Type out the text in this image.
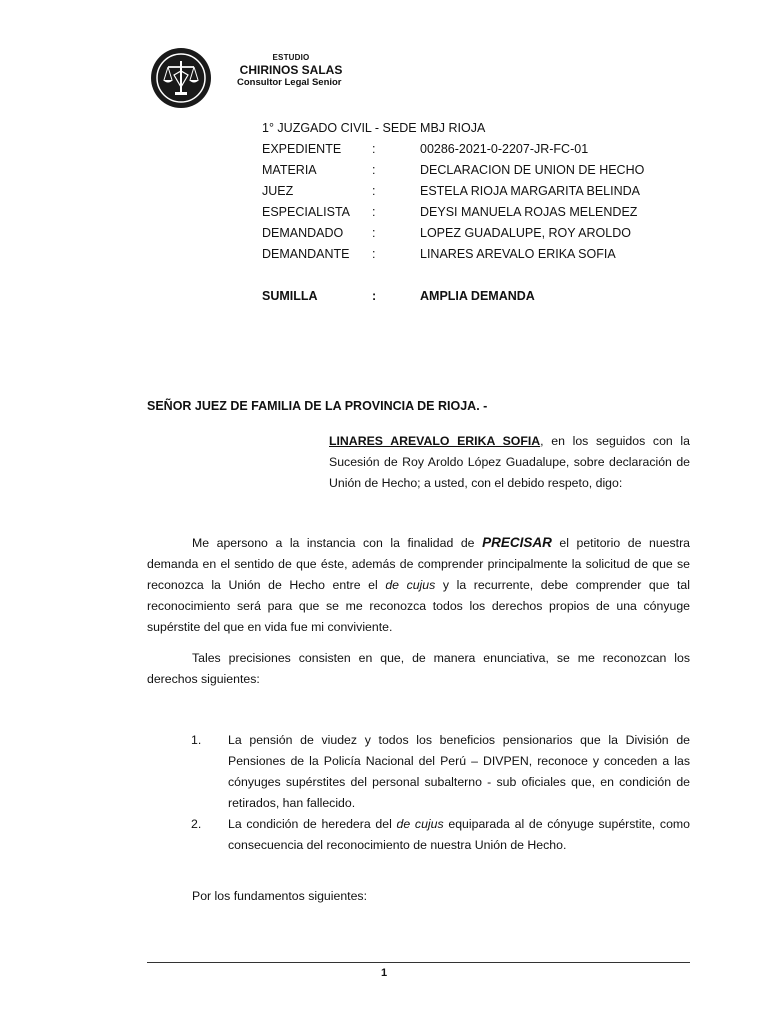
ESTUDIO
CHIRINOS SALAS
Consultor Legal Senior
1° JUZGADO CIVIL - SEDE MBJ RIOJA
EXPEDIENTE :	00286-2021-0-2207-JR-FC-01
MATERIA	:	DECLARACION DE UNION DE HECHO
JUEZ	:	ESTELA RIOJA MARGARITA BELINDA
ESPECIALISTA :	DEYSI MANUELA ROJAS MELENDEZ
DEMANDADO :	LOPEZ GUADALUPE, ROY AROLDO
DEMANDANTE :	LINARES AREVALO ERIKA SOFIA
SUMILLA	:	AMPLIA DEMANDA
SEÑOR JUEZ DE FAMILIA DE LA PROVINCIA DE RIOJA. -
LINARES AREVALO ERIKA SOFIA, en los seguidos con la Sucesión de Roy Aroldo López Guadalupe, sobre declaración de Unión de Hecho; a usted, con el debido respeto, digo:
Me apersono a la instancia con la finalidad de PRECISAR el petitorio de nuestra demanda en el sentido de que éste, además de comprender principalmente la solicitud de que se reconozca la Unión de Hecho entre el de cujus y la recurrente, debe comprender que tal reconocimiento será para que se me reconozca todos los derechos propios de una cónyuge supérstite del que en vida fue mi conviviente.
Tales precisiones consisten en que, de manera enunciativa, se me reconozcan los derechos siguientes:
1. La pensión de viudez y todos los beneficios pensionarios que la División de Pensiones de la Policía Nacional del Perú – DIVPEN, reconoce y conceden a las cónyuges supérstites del personal subalterno - sub oficiales que, en condición de retirados, han fallecido.
2. La condición de heredera del de cujus equiparada al de cónyuge supérstite, como consecuencia del reconocimiento de nuestra Unión de Hecho.
Por los fundamentos siguientes:
1
